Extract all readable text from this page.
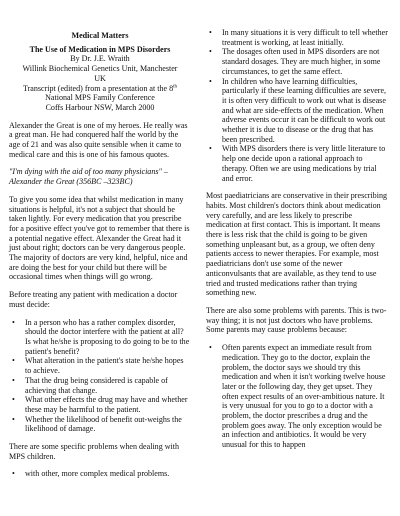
Medical Matters

The Use of Medication in MPS Disorders

By Dr. J.E. Wraith

Willink Biochemical Genetics Unit, Manchester

UK

Transcript (edited) from a presentation at the 8th

National MPS Family Conference

Coffs Harbour NSW, March 2000

Alexander the Great is one of my heroes. He really was a great man. He had conquered half the world by the age of 21 and was also quite sensible when it came to medical care and this is one of his famous quotes.

"I'm dying with the aid of too many physicians" – Alexander the Great (356BC –323BC)

To give you some idea that whilst medication in many situations is helpful, it's not a subject that should be taken lightly. For every medication that you prescribe for a positive effect you've got to remember that there is a potential negative effect. Alexander the Great had it just about right; doctors can be very dangerous people. The majority of doctors are very kind, helpful, nice and are doing the best for your child but there will be occasional times when things will go wrong.

Before treating any patient with medication a doctor must decide:

• In a person who has a rather complex disorder, should the doctor interfere with the patient at all? Is what he/she is proposing to do going to be to the patient's benefit?
• What alteration in the patient's state he/she hopes to achieve.
• That the drug being considered is capable of achieving that change.
• What other effects the drug may have and whether these may be harmful to the patient.
• Whether the likelihood of benefit out-weighs the likelihood of damage.

There are some specific problems when dealing with MPS children.

• with other, more complex medical problems.
• In many situations it is very difficult to tell whether treatment is working, at least initially.
• The dosages often used in MPS disorders are not standard dosages. They are much higher, in some circumstances, to get the same effect.
• In children who have learning difficulties, particularly if these learning difficulties are severe, it is often very difficult to work out what is disease and what are side-effects of the medication. When adverse events occur it can be difficult to work out whether it is due to disease or the drug that has been prescribed.
• With MPS disorders there is very little literature to help one decide upon a rational approach to therapy. Often we are using medications by trial and error.

Most paediatricians are conservative in their prescribing habits. Most children's doctors think about medication very carefully, and are less likely to prescribe medication at first contact. This is important. It means there is less risk that the child is going to be given something unpleasant but, as a group, we often deny patients access to newer therapies. For example, most paediatricians don't use some of the newer anticonvulsants that are available, as they tend to use tried and trusted medications rather than trying something new.

There are also some problems with parents. This is two-way thing; it is not just doctors who have problems. Some parents may cause problems because:

• Often parents expect an immediate result from medication. They go to the doctor, explain the problem, the doctor says we should try this medication and when it isn't working twelve house later or the following day, they get upset. They often expect results of an over-ambitious nature. It is very unusual for you to go to a doctor with a problem, the doctor prescribes a drug and the problem goes away. The only exception would be an infection and antibiotics. It would be very unusual for this to happen
